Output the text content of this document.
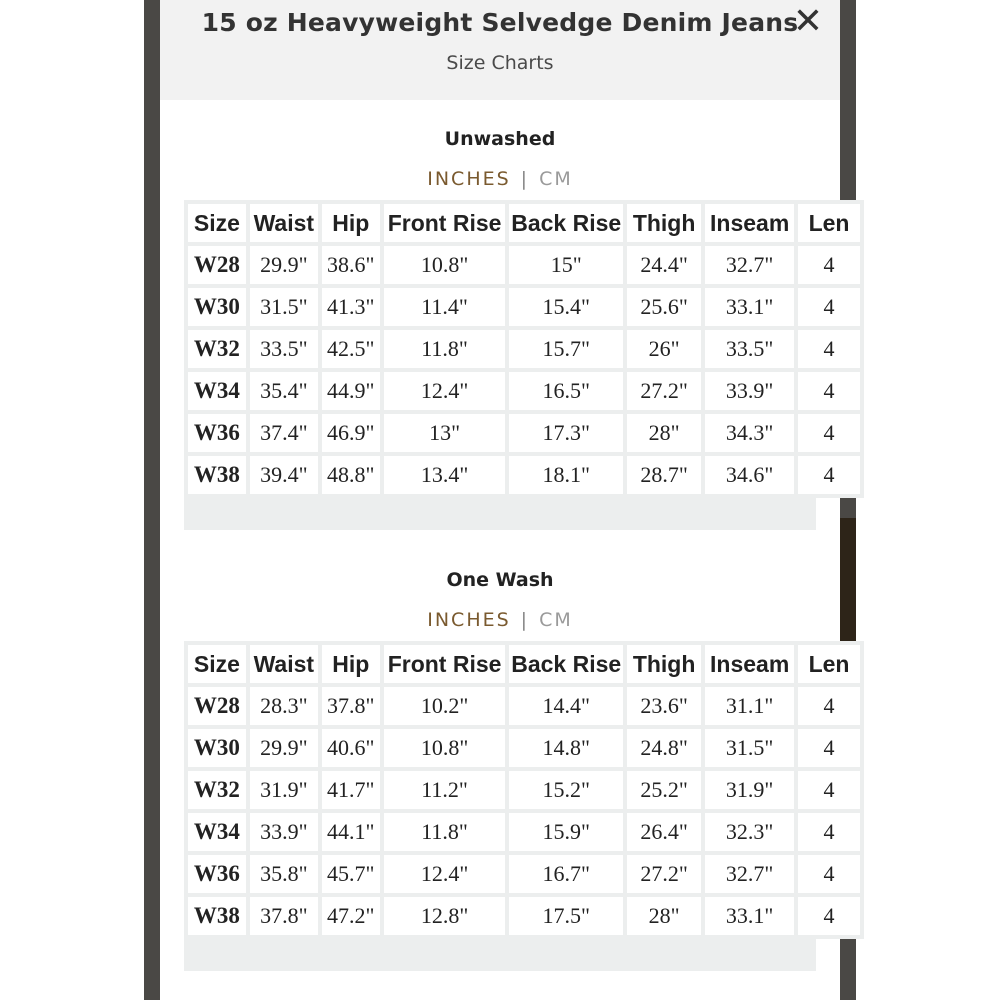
15 oz Heavyweight Selvedge Denim Jeans
Size Charts
✕
Unwashed
INCHES | CM
Size	Waist	Hip	Front Rise	Back Rise	Thigh	Inseam	Len
W28	29.9"	38.6"	10.8"	15"	24.4"	32.7"	4
W30	31.5"	41.3"	11.4"	15.4"	25.6"	33.1"	4
W32	33.5"	42.5"	11.8"	15.7"	26"	33.5"	4
W34	35.4"	44.9"	12.4"	16.5"	27.2"	33.9"	4
W36	37.4"	46.9"	13"	17.3"	28"	34.3"	4
W38	39.4"	48.8"	13.4"	18.1"	28.7"	34.6"	4
One Wash
INCHES | CM
Size	Waist	Hip	Front Rise	Back Rise	Thigh	Inseam	Len
W28	28.3"	37.8"	10.2"	14.4"	23.6"	31.1"	4
W30	29.9"	40.6"	10.8"	14.8"	24.8"	31.5"	4
W32	31.9"	41.7"	11.2"	15.2"	25.2"	31.9"	4
W34	33.9"	44.1"	11.8"	15.9"	26.4"	32.3"	4
W36	35.8"	45.7"	12.4"	16.7"	27.2"	32.7"	4
W38	37.8"	47.2"	12.8"	17.5"	28"	33.1"	4
